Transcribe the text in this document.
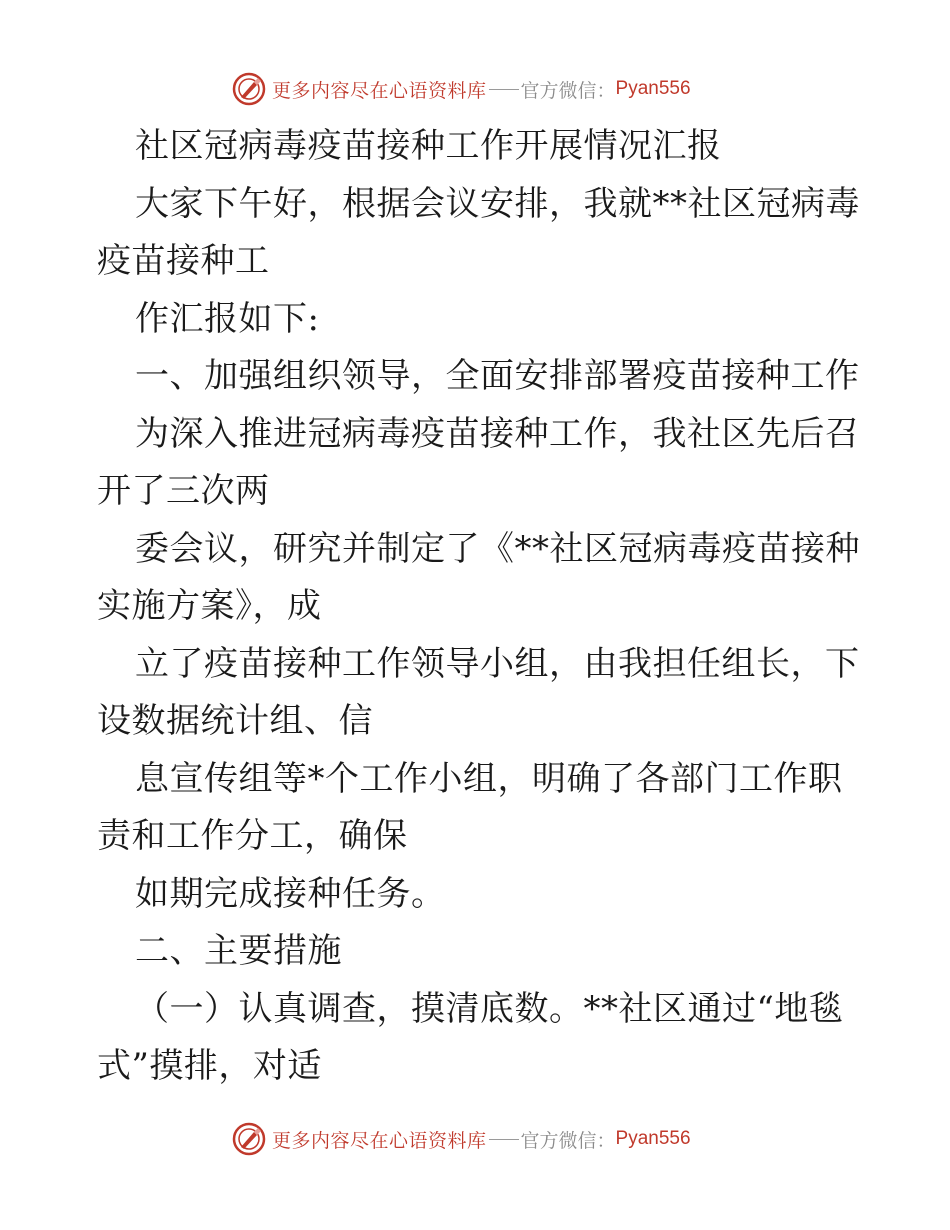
更多内容尽在心语资料库 官方微信： Pyan556
社区冠病毒疫苗接种工作开展情况汇报
大家下午好，根据会议安排，我就**社区冠病毒
疫苗接种工
作汇报如下:
一、加强组织领导，全面安排部署疫苗接种工作
为深入推进冠病毒疫苗接种工作，我社区先后召
开了三次两
委会议，研究并制定了《**社区冠病毒疫苗接种
实施方案》，成
立了疫苗接种工作领导小组，由我担任组长，下
设数据统计组、信
息宣传组等*个工作小组，明确了各部门工作职
责和工作分工，确保
如期完成接种任务。
二、主要措施
（一）认真调查，摸清底数。**社区通过“地毯
式”摸排，对适
更多内容尽在心语资料库 官方微信： Pyan556
